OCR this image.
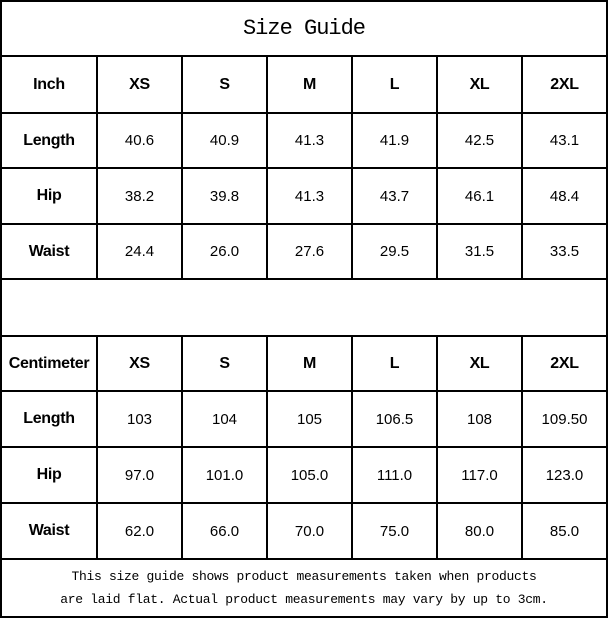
Size Guide
Inch	XS	S	M	L	XL	2XL
Length	40.6	40.9	41.3	41.9	42.5	43.1
Hip	38.2	39.8	41.3	43.7	46.1	48.4
Waist	24.4	26.0	27.6	29.5	31.5	33.5
Centimeter	XS	S	M	L	XL	2XL
Length	103	104	105	106.5	108	109.50
Hip	97.0	101.0	105.0	111.0	117.0	123.0
Waist	62.0	66.0	70.0	75.0	80.0	85.0
This size guide shows product measurements taken when products
are laid flat. Actual product measurements may vary by up to 3cm.
